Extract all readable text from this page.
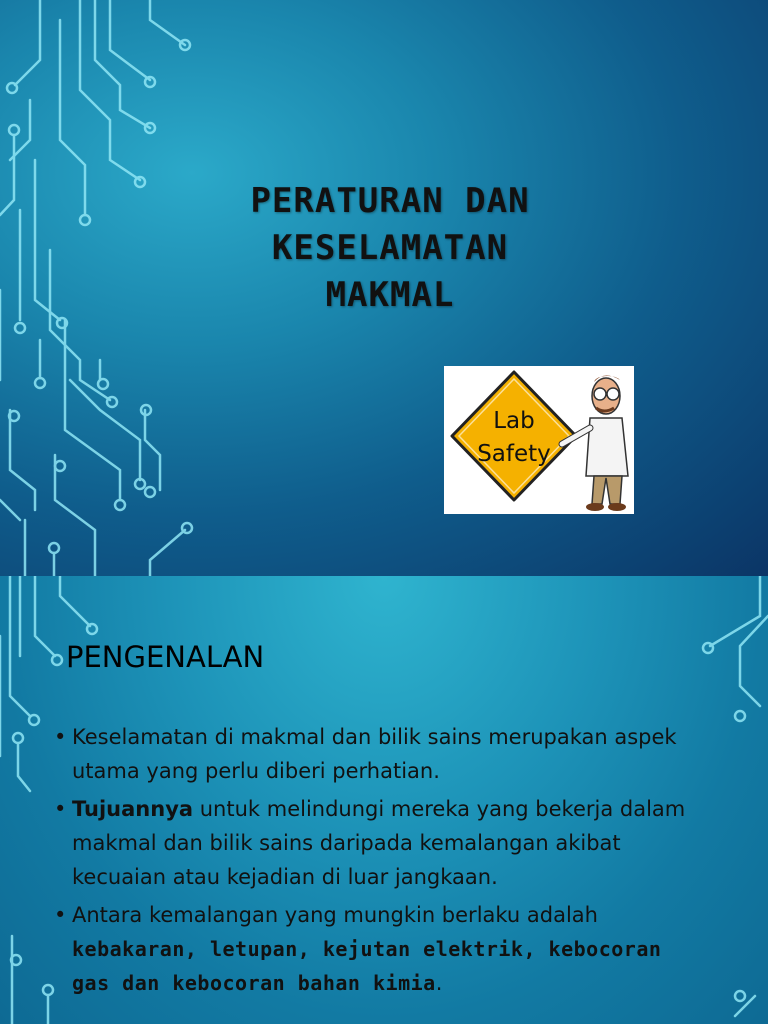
PERATURAN DAN
KESELAMATAN
MAKMAL
Lab
Safety
PENGENALAN
• Keselamatan di makmal dan bilik sains merupakan aspek utama yang perlu diberi perhatian.
• Tujuannya untuk melindungi mereka yang bekerja dalam makmal dan bilik sains daripada kemalangan akibat kecuaian atau kejadian di luar jangkaan.
• Antara kemalangan yang mungkin berlaku adalah kebakaran, letupan, kejutan elektrik, kebocoran gas dan kebocoran bahan kimia.
